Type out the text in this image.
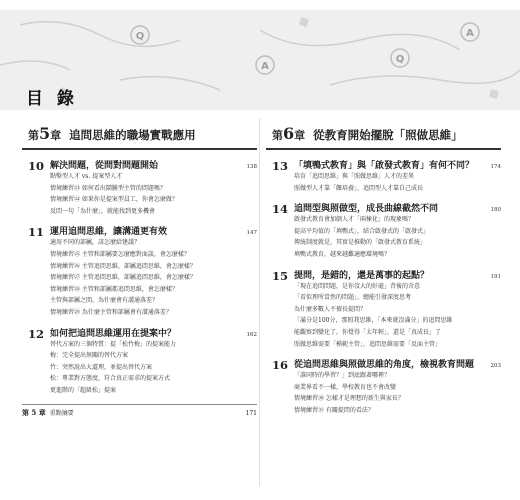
Q
Q
A
A
目 錄
第5章 追問思維的職場實戰應用
10 解決問題，從問對問題開始	138
點擊型人才 vs. 提案型人才
情境練習㉓ 如何看出鬧騰型主管的問題嗎？
情境練習㉔ 如果你是提案型員工，你會怎麼做？
反問一句「為什麼」，就能找到更多機會
11 運用追問思維，讓溝通更有效	147
適用不同的部屬，該怎麼給建議？
情境練習㉕ 主管和部屬要怎麼應對面談，會怎麼樣？
情境練習㉖ 主管追問思維，部屬追問思維，會怎麼樣？
情境練習㉗ 主管追問思維，部屬追問思維，會怎麼樣？
情境練習㉘ 主管和部屬都追問思維，會怎麼樣？
主管與部屬之間，為什麼會有溝通落差？
情境練習㉙ 為什麼主管和部屬會有溝通落差？
12 如何把追問思維運用在提案中？	162
替代方案的三個特質：提「松竹梅」的提案能力
梅：完全提出無關的替代方案
竹：突然說出大道理，並提出替代方案
松：專業對方態度，符合真正需求的提案方式
更進階的「超級松」提案
第 5 章 重點摘要	171
第6章 從教育開始擺脫「照做思維」
13 「填鴨式教育」與「啟發式教育」有何不同？	174
培育「追問思維」與「照做思維」人才的差異
照做型人才靠「餵培養」，追問型人才靠自己成長
14 追問型與照做型，成長曲線截然不同	180
啟發式教育會加劇人才「兩極化」的現象嗎？
提高平均值的「填鴨式」，結合啟發式的「啟發式」
傳統制度就是，其實是推動的「啟發式教育系統」
填鴨式教育，越來越難適應環境嗎？
15 提問，是錯的，還是萬事的起點？	191
「現在追問問題，是你沒大的好處」背後的含意
「看似理所當然的問題」，總能引發深度思考
為什麼多數人不擅長提問？
「滿分是100分，那照我思維，「本來就沒滿分」的追問思維
能觀察到變化了，你覺得「太年輕」，還是「真成長」了
照做思維需要「模範主管」，追問思維需要「反面主管」
16 從追問思維與照做思維的角度，檢視教育問題	203
「誰同時的學習？」到底跟著哪裡？
商業界看不一樣，學校教育也不會改變
情境練習㉚ 怎樣才是理想的新生與家長？
情境練習㉛ 有關提問的看法？
